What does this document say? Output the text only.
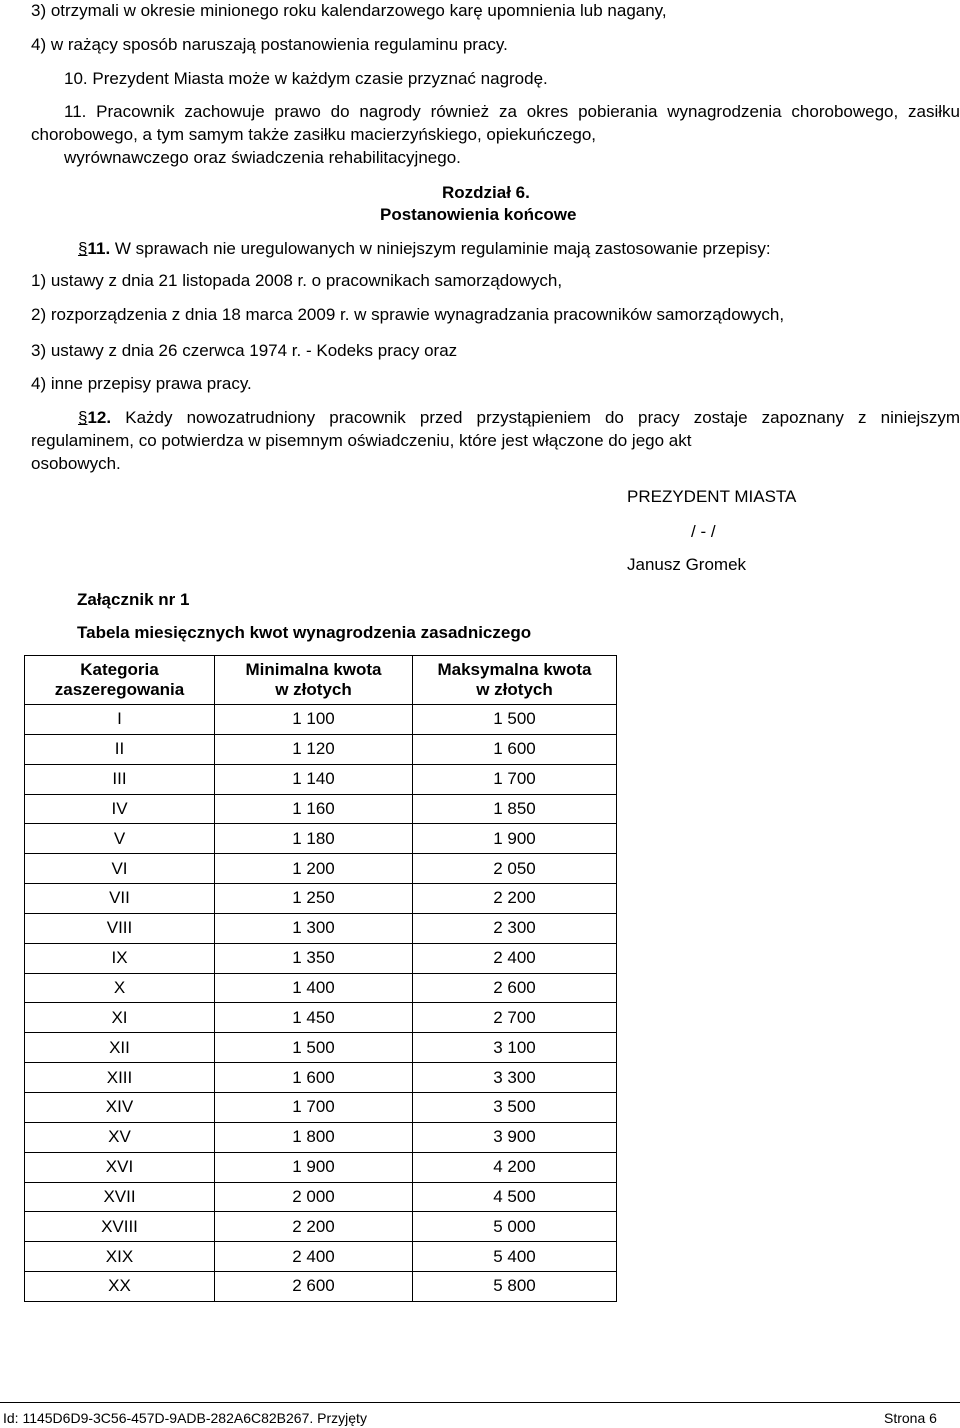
3) otrzymali w okresie minionego roku kalendarzowego karę upomnienia lub nagany,
4) w rażący sposób naruszają postanowienia regulaminu pracy.
10. Prezydent Miasta może w każdym czasie przyznać nagrodę.
11. Pracownik zachowuje prawo do nagrody również za okres pobierania wynagrodzenia chorobowego, zasiłku chorobowego, a tym samym także zasiłku macierzyńskiego, opiekuńczego,
wyrównawczego oraz świadczenia rehabilitacyjnego.
Rozdział 6.
Postanowienia końcowe
§11. W sprawach nie uregulowanych w niniejszym regulaminie mają zastosowanie przepisy:
1) ustawy z dnia 21 listopada 2008 r. o pracownikach samorządowych,
2) rozporządzenia z dnia 18 marca 2009 r. w sprawie wynagradzania pracowników samorządowych,
3) ustawy z dnia 26 czerwca 1974 r. - Kodeks pracy oraz
4) inne przepisy prawa pracy.
§12. Każdy nowozatrudniony pracownik przed przystąpieniem do pracy zostaje zapoznany z niniejszym regulaminem, co potwierdza w pisemnym oświadczeniu, które jest włączone do jego akt
osobowych.
PREZYDENT MIASTA
/ - /
Janusz Gromek
Załącznik nr 1
Tabela miesięcznych kwot wynagrodzenia zasadniczego
Kategoria zaszeregowania	Minimalna kwota w złotych	Maksymalna kwota w złotych
I	1 100	1 500
II	1 120	1 600
III	1 140	1 700
IV	1 160	1 850
V	1 180	1 900
VI	1 200	2 050
VII	1 250	2 200
VIII	1 300	2 300
IX	1 350	2 400
X	1 400	2 600
XI	1 450	2 700
XII	1 500	3 100
XIII	1 600	3 300
XIV	1 700	3 500
XV	1 800	3 900
XVI	1 900	4 200
XVII	2 000	4 500
XVIII	2 200	5 000
XIX	2 400	5 400
XX	2 600	5 800
Id: 1145D6D9-3C56-457D-9ADB-282A6C82B267. Przyjęty	Strona 6
